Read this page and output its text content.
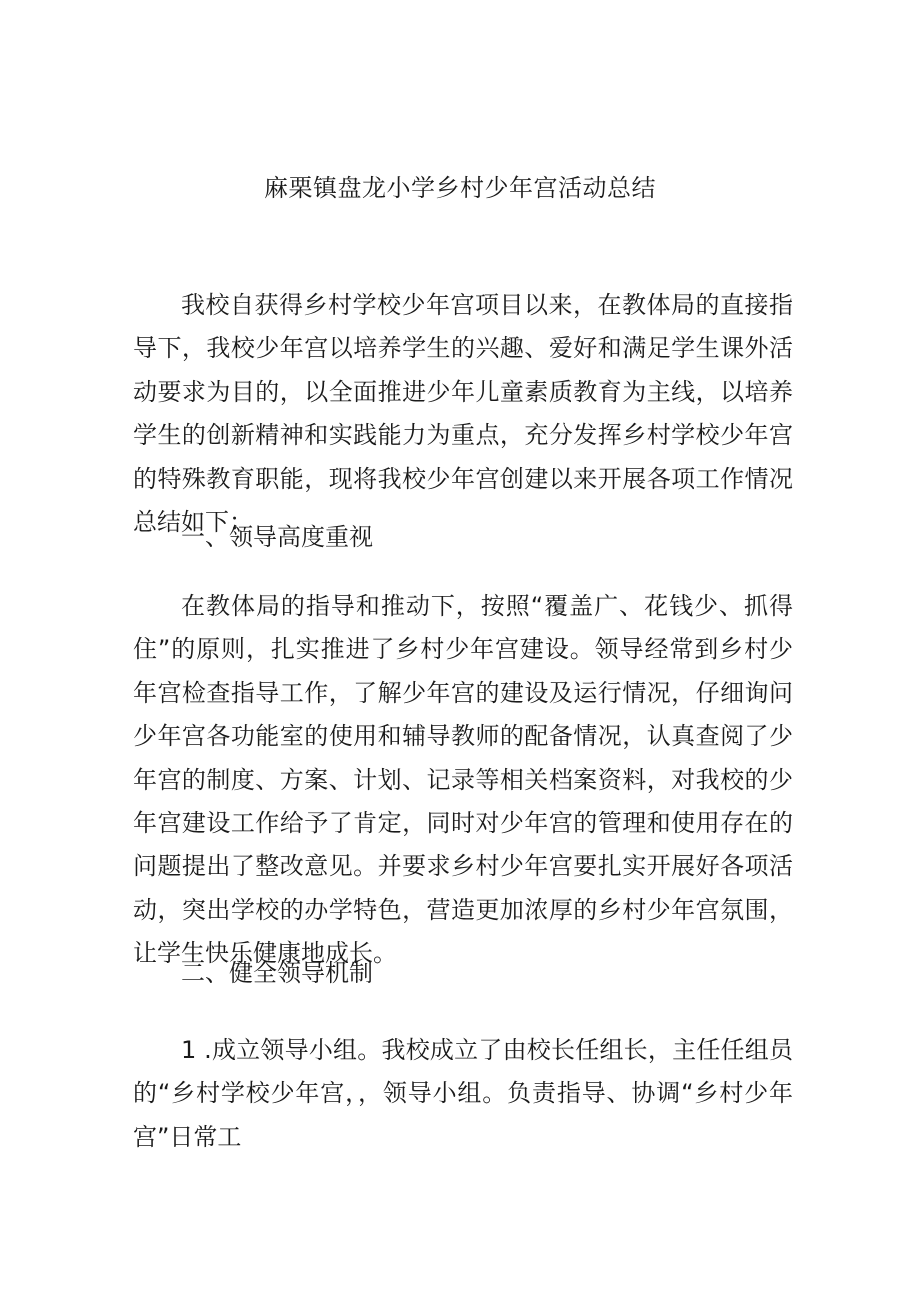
麻栗镇盘龙小学乡村少年宫活动总结

我校自获得乡村学校少年宫项目以来，在教体局的直接指导下，我校少年宫以培养学生的兴趣、爱好和满足学生课外活动要求为目的，以全面推进少年儿童素质教育为主线，以培养学生的创新精神和实践能力为重点，充分发挥乡村学校少年宫的特殊教育职能，现将我校少年宫创建以来开展各项工作情况总结如下：

一、领导高度重视

在教体局的指导和推动下，按照“覆盖广、花钱少、抓得住”的原则，扎实推进了乡村少年宫建设。领导经常到乡村少年宫检查指导工作，了解少年宫的建设及运行情况，仔细询问少年宫各功能室的使用和辅导教师的配备情况，认真查阅了少年宫的制度、方案、计划、记录等相关档案资料，对我校的少年宫建设工作给予了肯定，同时对少年宫的管理和使用存在的问题提出了整改意见。并要求乡村少年宫要扎实开展好各项活动，突出学校的办学特色，营造更加浓厚的乡村少年宫氛围，让学生快乐健康地成长。

二、健全领导机制

1 .成立领导小组。我校成立了由校长任组长，主任任组员的“乡村学校少年宫，，领导小组。负责指导、协调“乡村少年宫”日常工
